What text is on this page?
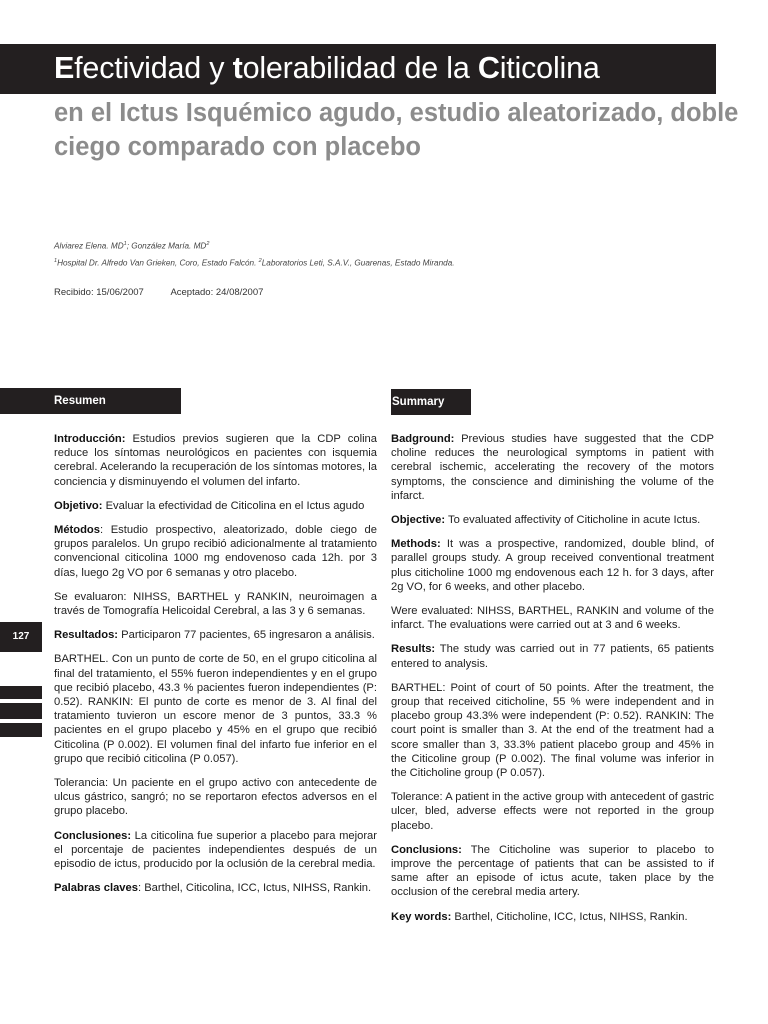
Efectividad y tolerabilidad de la Citicolina
en el Ictus Isquémico agudo, estudio aleatorizado, doble ciego comparado con placebo
Alviarez Elena. $MD^1$; González María. $MD^2$
$^1$Hospital Dr. Alfredo Van Grieken, Coro, Estado Falcón. $^2$Laboratorios Leti, S.A.V., Guarenas, Estado Miranda.
Recibido: 15/06/2007	Aceptado: 24/08/2007
Resumen	Summary
127

Introducción: Estudios previos sugieren que la CDP colina reduce los síntomas neurológicos en pacientes con isquemia cerebral. Acelerando la recuperación de los síntomas motores, la conciencia y disminuyendo el volumen del infarto.

Objetivo: Evaluar la efectividad de Citicolina en el Ictus agudo

Métodos: Estudio prospectivo, aleatorizado, doble ciego de grupos paralelos. Un grupo recibió adicionalmente al tratamiento convencional citicolina 1000 mg endovenoso cada 12h. por 3 días, luego 2g VO por 6 semanas y otro placebo.

Se evaluaron: NIHSS, BARTHEL y RANKIN, neuroimagen a través de Tomografía Helicoidal Cerebral, a las 3 y 6 semanas.

Resultados: Participaron 77 pacientes, 65 ingresaron a análisis.

BARTHEL. Con un punto de corte de 50, en el grupo citicolina al final del tratamiento, el 55% fueron independientes y en el grupo que recibió placebo, 43.3 % pacientes fueron independientes (P: 0.52). RANKIN: El punto de corte es menor de 3. Al final del tratamiento tuvieron un escore menor de 3 puntos, 33.3 % pacientes en el grupo placebo y 45% en el grupo que recibió Citicolina (P 0.002). El volumen final del infarto fue inferior en el grupo que recibió citicolina (P 0.057).

Tolerancia: Un paciente en el grupo activo con antecedente de ulcus gástrico, sangró; no se reportaron efectos adversos en el grupo placebo.

Conclusiones: La citicolina fue superior a placebo para mejorar el porcentaje de pacientes independientes después de un episodio de ictus, producido por la oclusión de la cerebral media.

Palabras claves: Barthel, Citicolina, ICC, Ictus, NIHSS, Rankin.

Badground: Previous studies have suggested that the CDP choline reduces the neurological symptoms in patient with cerebral ischemic, accelerating the recovery of the motors symptoms, the conscience and diminishing the volume of the infarct.

Objective: To evaluated affectivity of Citicholine in acute Ictus.

Methods: It was a prospective, randomized, double blind, of parallel groups study. A group received conventional treatment plus citicholine 1000 mg endovenous each 12 h. for 3 days, after 2g VO, for 6 weeks, and other placebo.

Were evaluated: NIHSS, BARTHEL, RANKIN and volume of the infarct. The evaluations were carried out at 3 and 6 weeks.

Results: The study was carried out in 77 patients, 65 patients entered to analysis.

BARTHEL: Point of court of 50 points. After the treatment, the group that received citicholine, 55 % were independent and in placebo group 43.3% were independent (P: 0.52). RANKIN: The court point is smaller than 3. At the end of the treatment had a score smaller than 3, 33.3% patient placebo group and 45% in the Citicoline group (P 0.002). The final volume was inferior in the Citicholine group (P 0.057).

Tolerance: A patient in the active group with antecedent of gastric ulcer, bled, adverse effects were not reported in the group placebo.

Conclusions: The Citicholine was superior to placebo to improve the percentage of patients that can be assisted to if same after an episode of ictus acute, taken place by the occlusion of the cerebral media artery.

Key words: Barthel, Citicholine, ICC, Ictus, NIHSS, Rankin.
